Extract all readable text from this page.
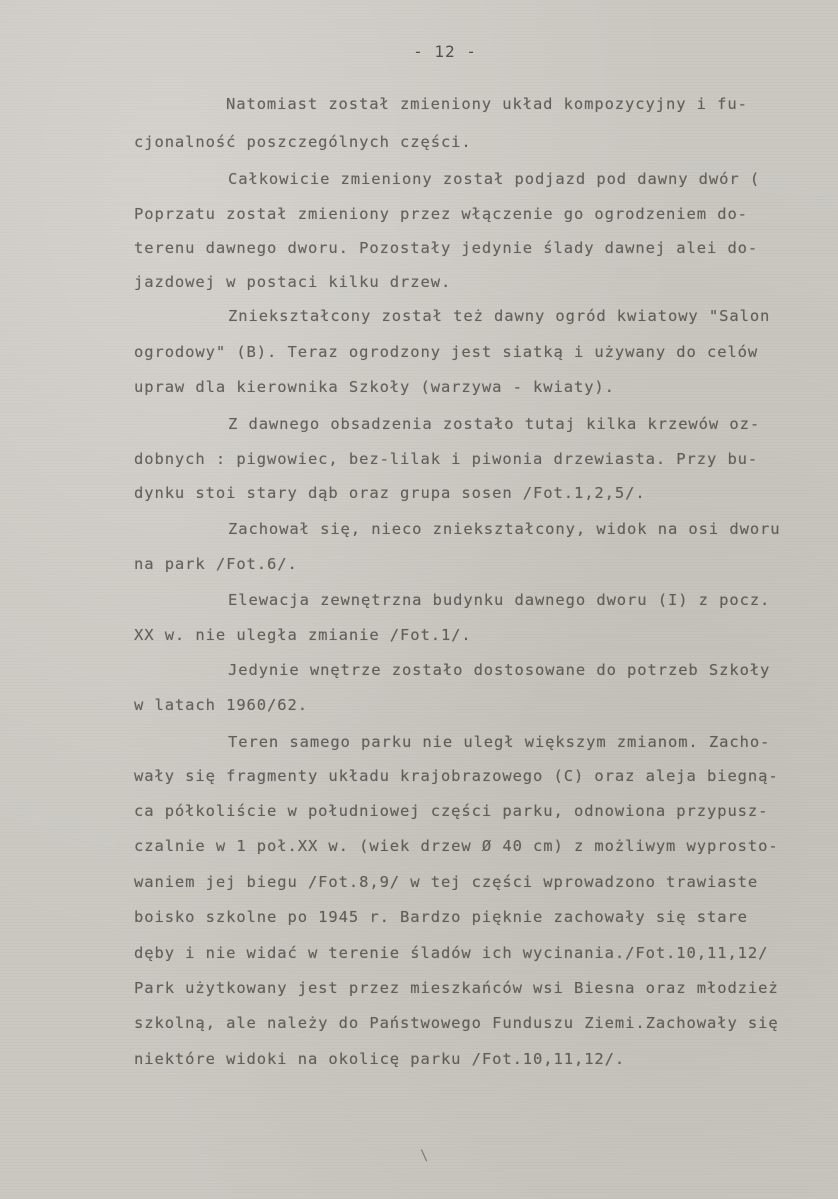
- 12 -
Natomiast został zmieniony układ kompozycyjny i fu-
cjonalność poszczególnych części.
Całkowicie zmieniony został podjazd pod dawny dwór (
Poprzatu został zmieniony przez włączenie go ogrodzeniem do-
terenu dawnego dworu. Pozostały jedynie ślady dawnej alei do-
jazdowej w postaci kilku drzew.
Zniekształcony został też dawny ogród kwiatowy "Salon
ogrodowy" (B). Teraz ogrodzony jest siatką i używany do celów
upraw dla kierownika Szkoły (warzywa - kwiaty).
Z dawnego obsadzenia zostało tutaj kilka krzewów oz-
dobnych : pigwowiec, bez-lilak i piwonia drzewiasta. Przy bu-
dynku stoi stary dąb oraz grupa sosen /Fot.1,2,5/.
Zachował się, nieco zniekształcony, widok na osi dworu
na park /Fot.6/.
Elewacja zewnętrzna budynku dawnego dworu (I) z pocz.
XX w. nie uległa zmianie /Fot.1/.
Jedynie wnętrze zostało dostosowane do potrzeb Szkoły
w latach 1960/62.
Teren samego parku nie uległ większym zmianom. Zacho-
wały się fragmenty układu krajobrazowego (C) oraz aleja biegną-
ca półkoliście w południowej części parku, odnowiona przypusz-
czalnie w 1 poł.XX w. (wiek drzew Ø 40 cm) z możliwym wyprosto-
waniem jej biegu /Fot.8,9/ w tej części wprowadzono trawiaste
boisko szkolne po 1945 r. Bardzo pięknie zachowały się stare
dęby i nie widać w terenie śladów ich wycinania./Fot.10,11,12/
Park użytkowany jest przez mieszkańców wsi Biesna oraz młodzież
szkolną, ale należy do Państwowego Funduszu Ziemi.Zachowały się
niektóre widoki na okolicę parku /Fot.10,11,12/.
\
